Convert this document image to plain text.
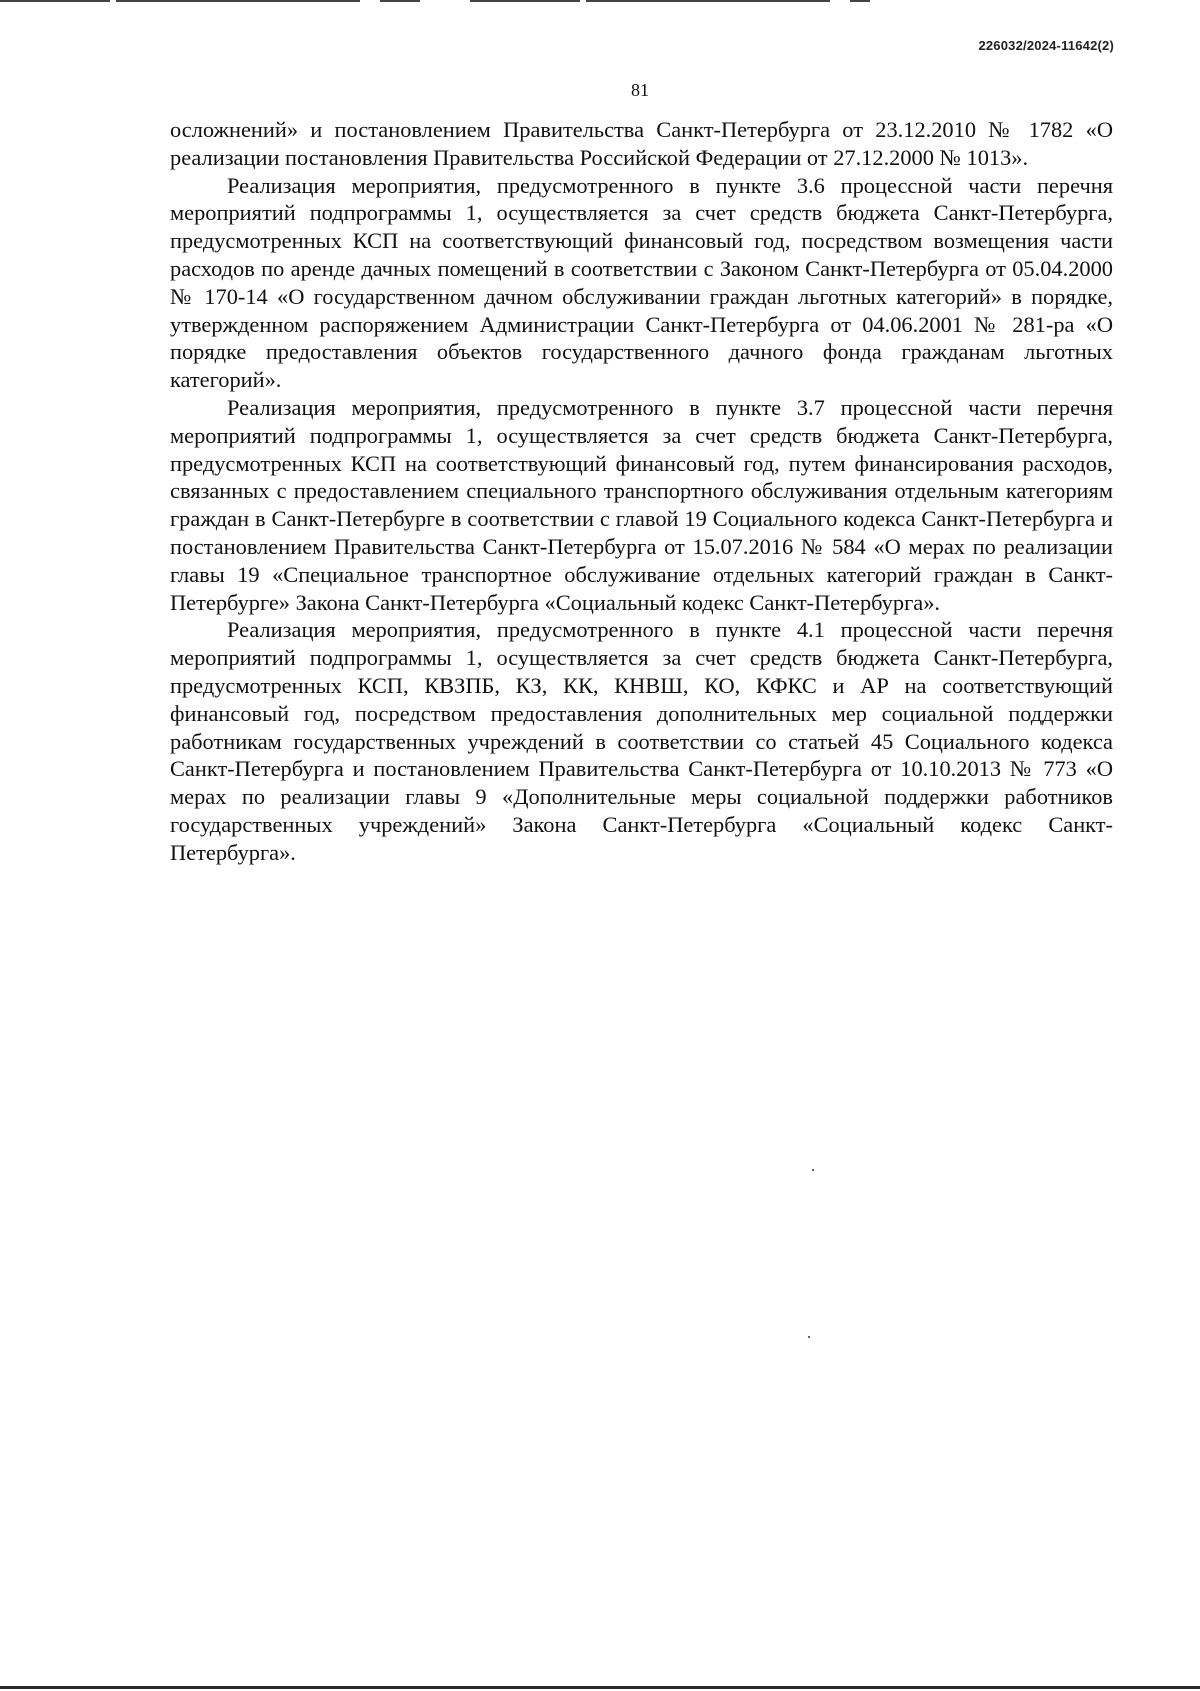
226032/2024-11642(2)
81

осложнений» и постановлением Правительства Санкт-Петербурга от 23.12.2010 № 1782 «О реализации постановления Правительства Российской Федерации от 27.12.2000 № 1013».

Реализация мероприятия, предусмотренного в пункте 3.6 процессной части перечня мероприятий подпрограммы 1, осуществляется за счет средств бюджета Санкт-Петербурга, предусмотренных КСП на соответствующий финансовый год, посредством возмещения части расходов по аренде дачных помещений в соответствии с Законом Санкт-Петербурга от 05.04.2000 № 170-14 «О государственном дачном обслуживании граждан льготных категорий» в порядке, утвержденном распоряжением Администрации Санкт-Петербурга от 04.06.2001 № 281-ра «О порядке предоставления объектов государственного дачного фонда гражданам льготных категорий».

Реализация мероприятия, предусмотренного в пункте 3.7 процессной части перечня мероприятий подпрограммы 1, осуществляется за счет средств бюджета Санкт-Петербурга, предусмотренных КСП на соответствующий финансовый год, путем финансирования расходов, связанных с предоставлением специального транспортного обслуживания отдельным категориям граждан в Санкт-Петербурге в соответствии с главой 19 Социального кодекса Санкт-Петербурга и постановлением Правительства Санкт-Петербурга от 15.07.2016 № 584 «О мерах по реализации главы 19 «Специальное транспортное обслуживание отдельных категорий граждан в Санкт-Петербурге» Закона Санкт-Петербурга «Социальный кодекс Санкт-Петербурга».

Реализация мероприятия, предусмотренного в пункте 4.1 процессной части перечня мероприятий подпрограммы 1, осуществляется за счет средств бюджета Санкт-Петербурга, предусмотренных КСП, КВЗПБ, КЗ, КК, КНВШ, КО, КФКС и АР на соответствующий финансовый год, посредством предоставления дополнительных мер социальной поддержки работникам государственных учреждений в соответствии со статьей 45 Социального кодекса Санкт-Петербурга и постановлением Правительства Санкт-Петербурга от 10.10.2013 № 773 «О мерах по реализации главы 9 «Дополнительные меры социальной поддержки работников государственных учреждений» Закона Санкт-Петербурга «Социальный кодекс Санкт-Петербурга».
